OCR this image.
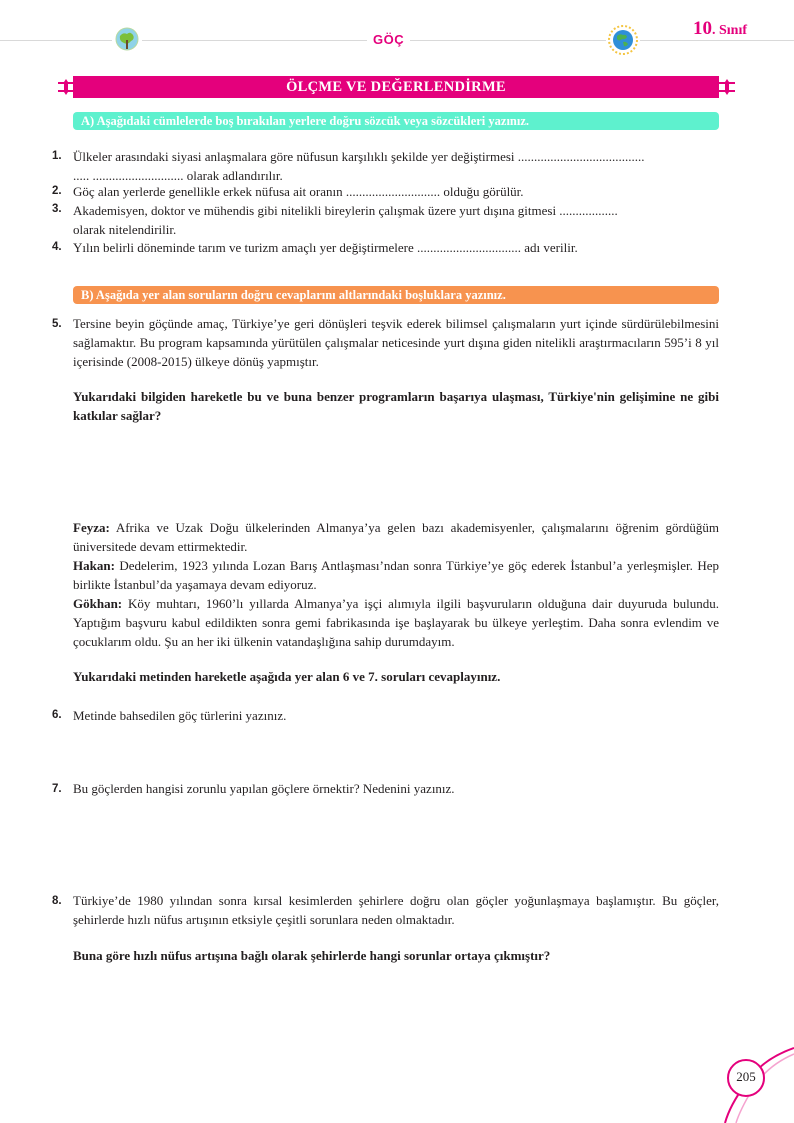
GÖÇ
10. Sınıf
ÖLÇME VE DEĞERLENDİRME
A) Aşağıdaki cümlelerde boş bırakılan yerlere doğru sözcük veya sözcükleri yazınız.
1. Ülkeler arasındaki siyasi anlaşmalara göre nüfusun karşılıklı şekilde yer değiştirmesi .......................................
..... ............................ olarak adlandırılır.
2. Göç alan yerlerde genellikle erkek nüfusa ait oranın ............................. olduğu görülür.
3. Akademisyen, doktor ve mühendis gibi nitelikli bireylerin çalışmak üzere yurt dışına gitmesi ..................
olarak nitelendirilir.
4. Yılın belirli döneminde tarım ve turizm amaçlı yer değiştirmelere ................................ adı verilir.
B) Aşağıda yer alan soruların doğru cevaplarını altlarındaki boşluklara yazınız.
5. Tersine beyin göçünde amaç, Türkiye’ye geri dönüşleri teşvik ederek bilimsel çalışmaların yurt içinde sürdürülebilmesini sağlamaktır. Bu program kapsamında yürütülen çalışmalar neticesinde yurt dışına giden nitelikli araştırmacıların 595’i 8 yıl içerisinde (2008-2015) ülkeye dönüş yapmıştır.
Yukarıdaki bilgiden hareketle bu ve buna benzer programların başarıya ulaşması, Türkiye'nin gelişimine ne gibi katkılar sağlar?
Feyza: Afrika ve Uzak Doğu ülkelerinden Almanya’ya gelen bazı akademisyenler, çalışmalarını öğrenim gördüğüm üniversitede devam ettirmektedir.
Hakan: Dedelerim, 1923 yılında Lozan Barış Antlaşması’ndan sonra Türkiye’ye göç ederek İstanbul’a yerleşmişler. Hep birlikte İstanbul’da yaşamaya devam ediyoruz.
Gökhan: Köy muhtarı, 1960’lı yıllarda Almanya’ya işçi alımıyla ilgili başvuruların olduğuna dair duyuruda bulundu. Yaptığım başvuru kabul edildikten sonra gemi fabrikasında işe başlayarak bu ülkeye yerleştim. Daha sonra evlendim ve çocuklarım oldu. Şu an her iki ülkenin vatandaşlığına sahip durumdayım.
Yukarıdaki metinden hareketle aşağıda yer alan 6 ve 7. soruları cevaplayınız.
6. Metinde bahsedilen göç türlerini yazınız.
7. Bu göçlerden hangisi zorunlu yapılan göçlere örnektir? Nedenini yazınız.
8. Türkiye’de 1980 yılından sonra kırsal kesimlerden şehirlere doğru olan göçler yoğunlaşmaya başlamıştır. Bu göçler, şehirlerde hızlı nüfus artışının etksiyle çeşitli sorunlara neden olmaktadır.
Buna göre hızlı nüfus artışına bağlı olarak şehirlerde hangi sorunlar ortaya çıkmıştır?
205
